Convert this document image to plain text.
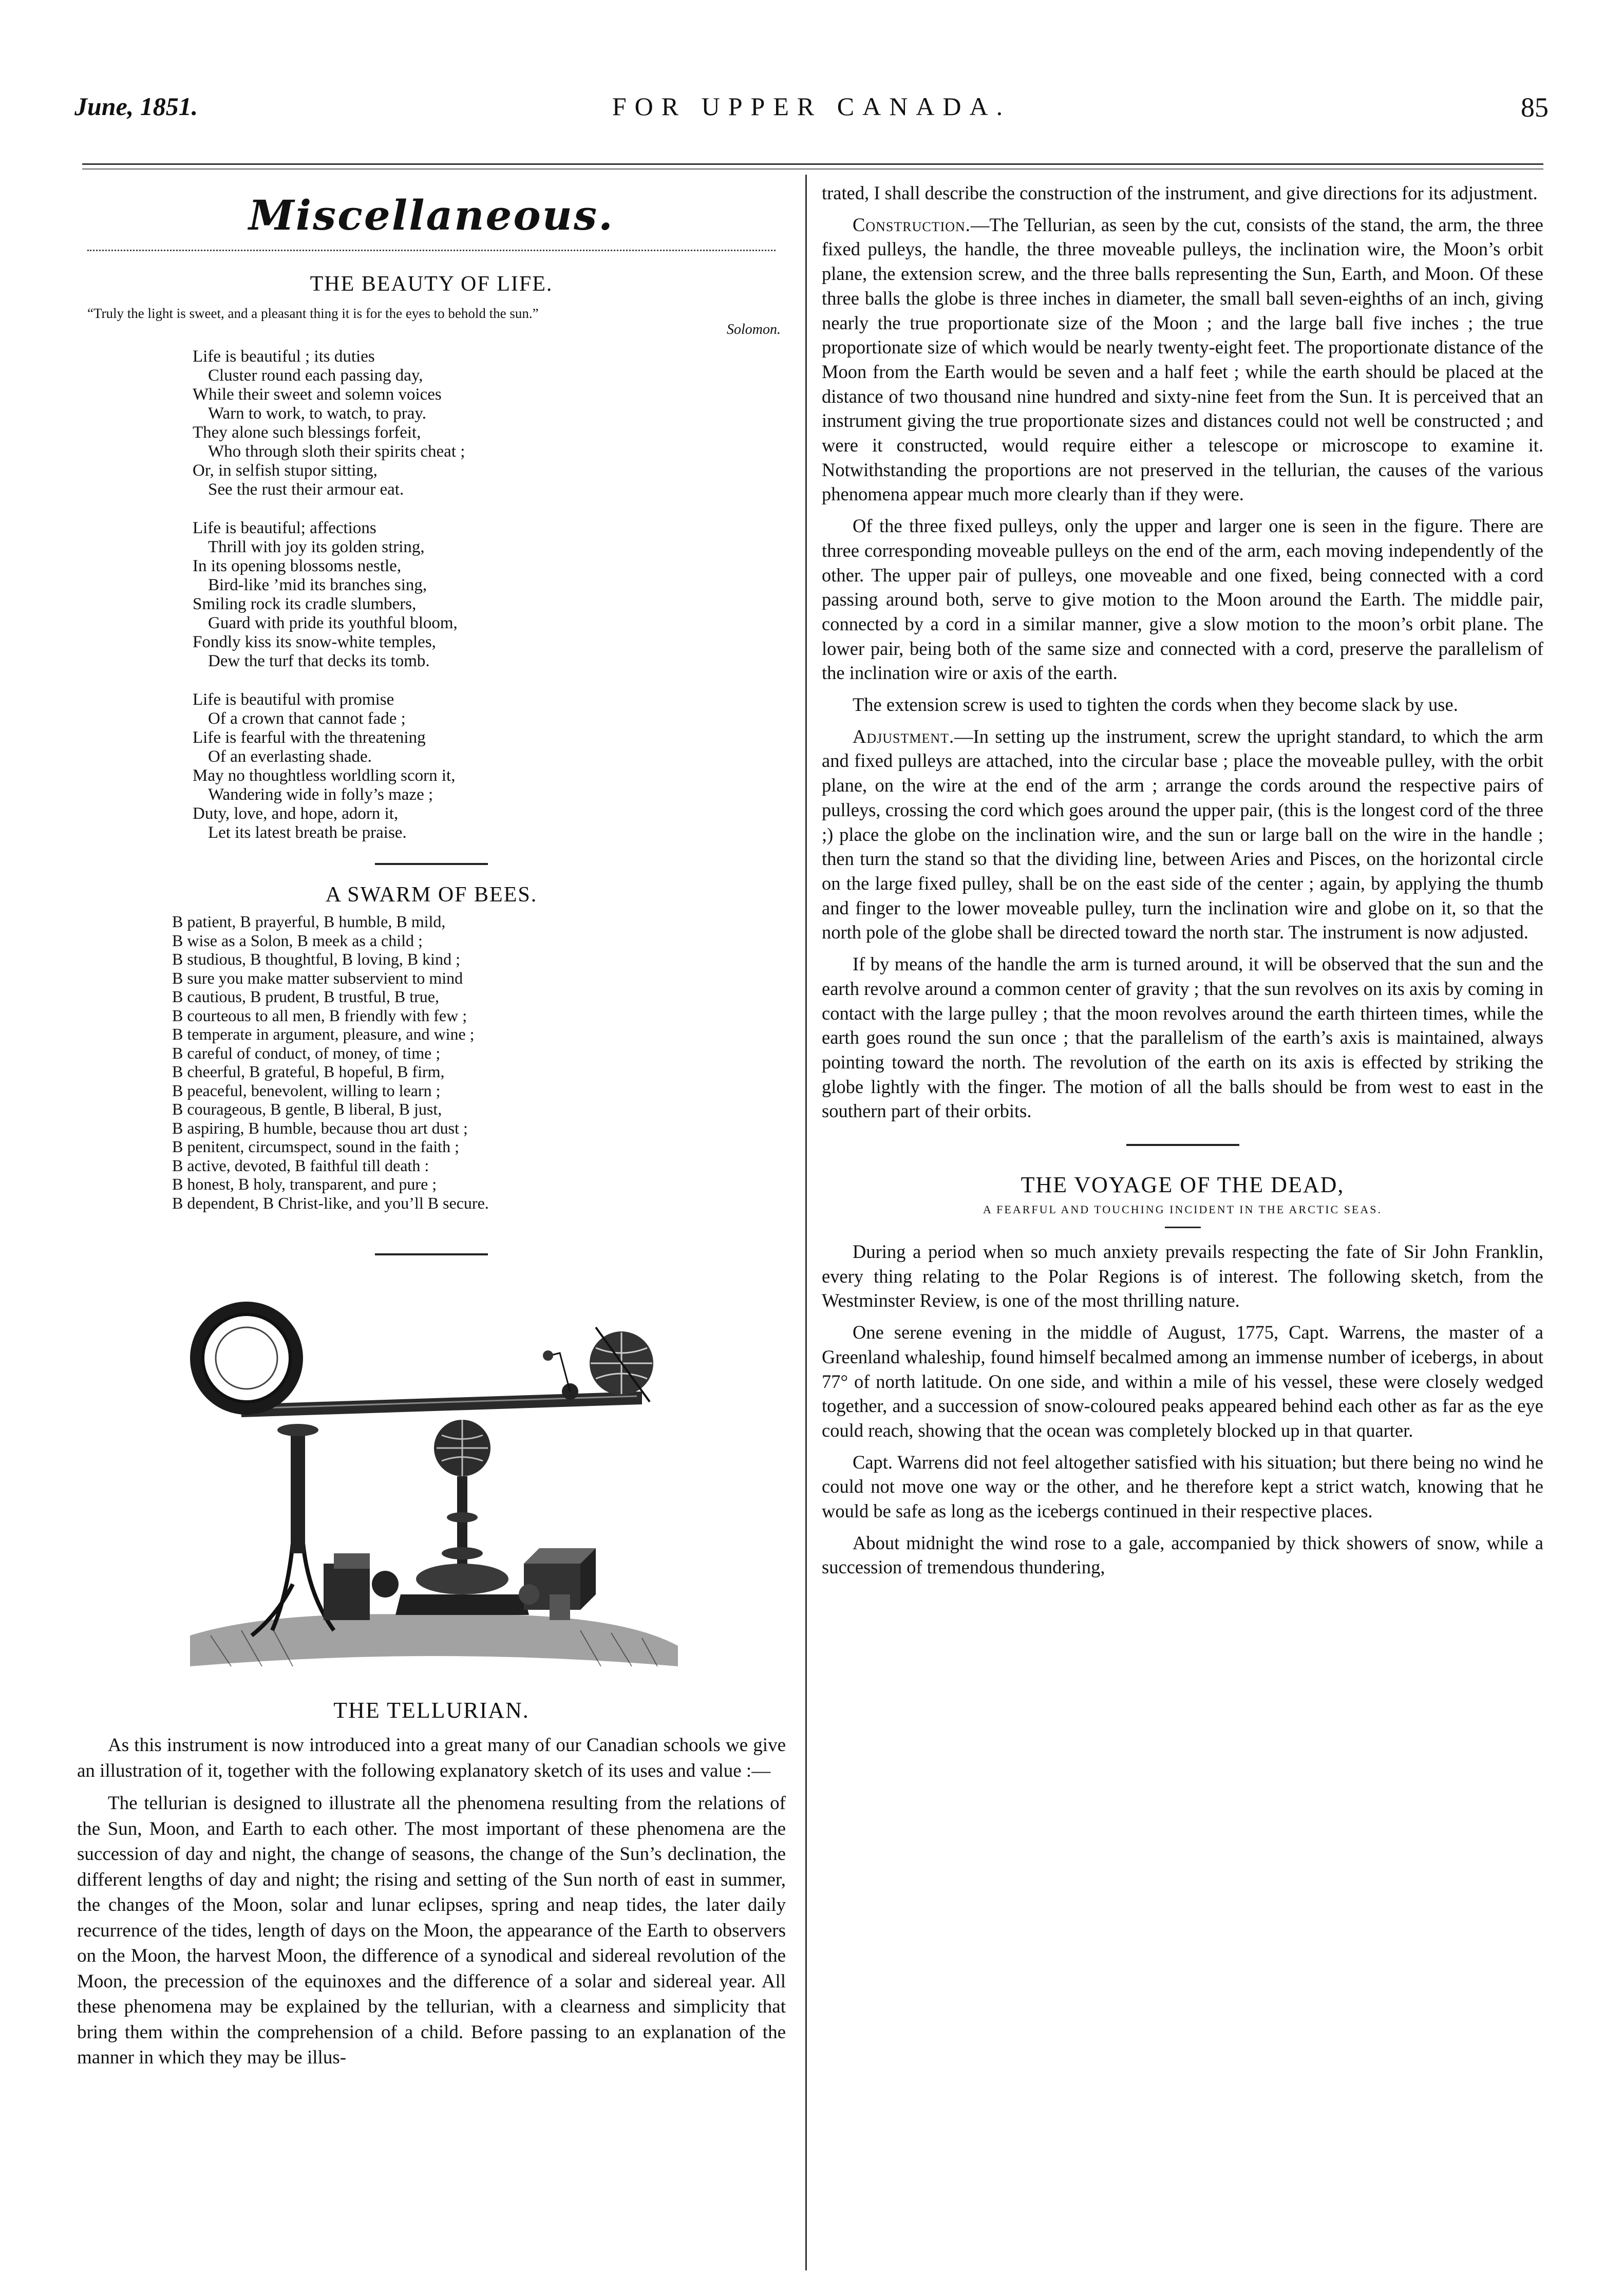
June, 1851.	FOR UPPER CANADA.	85
Miscellaneous.
THE BEAUTY OF LIFE.
“Truly the light is sweet, and a pleasant thing it is for the eyes to behold the sun.”
Solomon.
Life is beautiful ; its duties
Cluster round each passing day,
While their sweet and solemn voices
Warn to work, to watch, to pray.
They alone such blessings forfeit,
Who through sloth their spirits cheat ;
Or, in selfish stupor sitting,
See the rust their armour eat.
Life is beautiful; affections
Thrill with joy its golden string,
In its opening blossoms nestle,
Bird-like ’mid its branches sing,
Smiling rock its cradle slumbers,
Guard with pride its youthful bloom,
Fondly kiss its snow-white temples,
Dew the turf that decks its tomb.
Life is beautiful with promise
Of a crown that cannot fade ;
Life is fearful with the threatening
Of an everlasting shade.
May no thoughtless worldling scorn it,
Wandering wide in folly’s maze ;
Duty, love, and hope, adorn it,
Let its latest breath be praise.
A SWARM OF BEES.
B patient, B prayerful, B humble, B mild,
B wise as a Solon, B meek as a child ;
B studious, B thoughtful, B loving, B kind ;
B sure you make matter subservient to mind
B cautious, B prudent, B trustful, B true,
B courteous to all men, B friendly with few ;
B temperate in argument, pleasure, and wine ;
B careful of conduct, of money, of time ;
B cheerful, B grateful, B hopeful, B firm,
B peaceful, benevolent, willing to learn ;
B courageous, B gentle, B liberal, B just,
B aspiring, B humble, because thou art dust ;
B penitent, circumspect, sound in the faith ;
B active, devoted, B faithful till death :
B honest, B holy, transparent, and pure ;
B dependent, B Christ-like, and you’ll B secure.
THE TELLURIAN.

As this instrument is now introduced into a great many of our Canadian schools we give an illustration of it, together with the following explanatory sketch of its uses and value :—

The tellurian is designed to illustrate all the phenomena resulting from the relations of the Sun, Moon, and Earth to each other. The most important of these phenomena are the succession of day and night, the change of seasons, the change of the Sun’s declination, the different lengths of day and night; the rising and setting of the Sun north of east in summer, the changes of the Moon, solar and lunar eclipses, spring and neap tides, the later daily recurrence of the tides, length of days on the Moon, the appearance of the Earth to observers on the Moon, the harvest Moon, the difference of a synodical and sidereal revolution of the Moon, the precession of the equinoxes and the difference of a solar and sidereal year. All these phenomena may be explained by the tellurian, with a clearness and simplicity that bring them within the comprehension of a child. Before passing to an explanation of the manner in which they may be illus-

trated, I shall describe the construction of the instrument, and give directions for its adjustment.

Construction.—The Tellurian, as seen by the cut, consists of the stand, the arm, the three fixed pulleys, the handle, the three moveable pulleys, the inclination wire, the Moon’s orbit plane, the extension screw, and the three balls representing the Sun, Earth, and Moon. Of these three balls the globe is three inches in diameter, the small ball seven-eighths of an inch, giving nearly the true proportionate size of the Moon ; and the large ball five inches ; the true proportionate size of which would be nearly twenty-eight feet. The proportionate distance of the Moon from the Earth would be seven and a half feet ; while the earth should be placed at the distance of two thousand nine hundred and sixty-nine feet from the Sun. It is perceived that an instrument giving the true proportionate sizes and distances could not well be constructed ; and were it constructed, would require either a telescope or microscope to examine it. Notwithstanding the proportions are not preserved in the tellurian, the causes of the various phenomena appear much more clearly than if they were.

Of the three fixed pulleys, only the upper and larger one is seen in the figure. There are three corresponding moveable pulleys on the end of the arm, each moving independently of the other. The upper pair of pulleys, one moveable and one fixed, being connected with a cord passing around both, serve to give motion to the Moon around the Earth. The middle pair, connected by a cord in a similar manner, give a slow motion to the moon’s orbit plane. The lower pair, being both of the same size and connected with a cord, preserve the parallelism of the inclination wire or axis of the earth.

The extension screw is used to tighten the cords when they become slack by use.

Adjustment.—In setting up the instrument, screw the upright standard, to which the arm and fixed pulleys are attached, into the circular base ; place the moveable pulley, with the orbit plane, on the wire at the end of the arm ; arrange the cords around the respective pairs of pulleys, crossing the cord which goes around the upper pair, (this is the longest cord of the three ;) place the globe on the inclination wire, and the sun or large ball on the wire in the handle ; then turn the stand so that the dividing line, between Aries and Pisces, on the horizontal circle on the large fixed pulley, shall be on the east side of the center ; again, by applying the thumb and finger to the lower moveable pulley, turn the inclination wire and globe on it, so that the north pole of the globe shall be directed toward the north star. The instrument is now adjusted.

If by means of the handle the arm is turned around, it will be observed that the sun and the earth revolve around a common center of gravity ; that the sun revolves on its axis by coming in contact with the large pulley ; that the moon revolves around the earth thirteen times, while the earth goes round the sun once ; that the parallelism of the earth’s axis is maintained, always pointing toward the north. The revolution of the earth on its axis is effected by striking the globe lightly with the finger. The motion of all the balls should be from west to east in the southern part of their orbits.

THE VOYAGE OF THE DEAD,
A FEARFUL AND TOUCHING INCIDENT IN THE ARCTIC SEAS.

During a period when so much anxiety prevails respecting the fate of Sir John Franklin, every thing relating to the Polar Regions is of interest. The following sketch, from the Westminster Review, is one of the most thrilling nature.

One serene evening in the middle of August, 1775, Capt. Warrens, the master of a Greenland whaleship, found himself becalmed among an immense number of icebergs, in about 77° of north latitude. On one side, and within a mile of his vessel, these were closely wedged together, and a succession of snow-coloured peaks appeared behind each other as far as the eye could reach, showing that the ocean was completely blocked up in that quarter.

Capt. Warrens did not feel altogether satisfied with his situation; but there being no wind he could not move one way or the other, and he therefore kept a strict watch, knowing that he would be safe as long as the icebergs continued in their respective places.

About midnight the wind rose to a gale, accompanied by thick showers of snow, while a succession of tremendous thundering,
